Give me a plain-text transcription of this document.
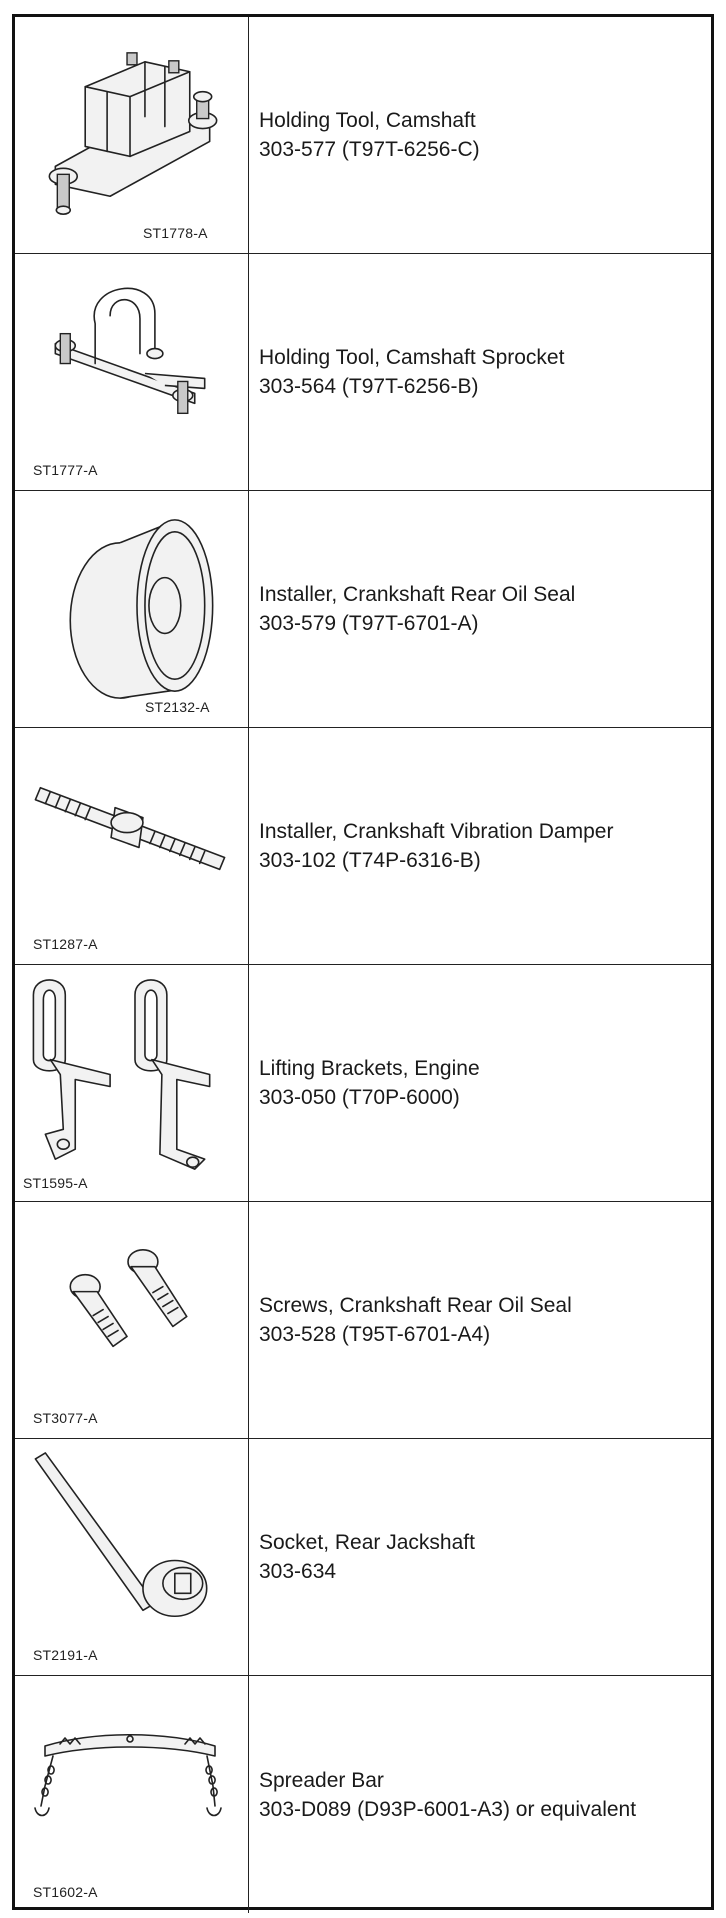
ST1778-A
Holding Tool, Camshaft
303-577 (T97T-6256-C)
ST1777-A
Holding Tool, Camshaft Sprocket
303-564 (T97T-6256-B)
ST2132-A
Installer, Crankshaft Rear Oil Seal
303-579 (T97T-6701-A)
ST1287-A
Installer, Crankshaft Vibration Damper
303-102 (T74P-6316-B)
ST1595-A
Lifting Brackets, Engine
303-050 (T70P-6000)
ST3077-A
Screws, Crankshaft Rear Oil Seal
303-528 (T95T-6701-A4)
ST2191-A
Socket, Rear Jackshaft
303-634
ST1602-A
Spreader Bar
303-D089 (D93P-6001-A3) or equivalent
